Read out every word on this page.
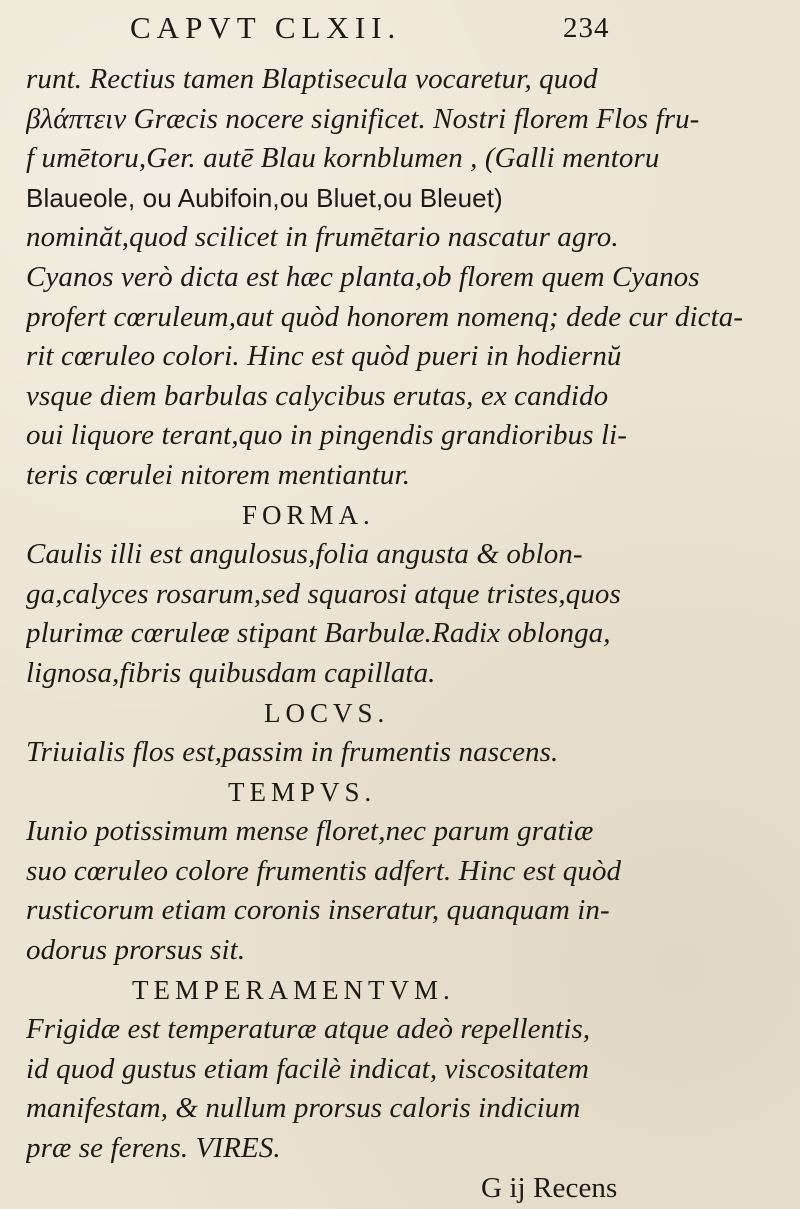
CAPVT CLXII.	234
runt. Rectius tamen Blaptisecula vocaretur, quod
βλάπτειν Græcis nocere significet. Nostri florem Flos fru-
f umētoru,Ger. autē Blau kornblumen , (Galli mentoru
Blaueole, ou Aubifoin,ou Bluet,ou Bleuet)
nominăt,quod scilicet in frumētario nascatur agro.
Cyanos verò dicta est hæc planta,ob florem quem Cyanos
profert cœruleum,aut quòd honorem nomenq; dede cur dicta-
rit cœruleo colori. Hinc est quòd pueri in hodiernŭ
vsque diem barbulas calycibus erutas, ex candido
oui liquore terant,quo in pingendis grandioribus li-
teris cœrulei nitorem mentiantur.
FORMA.
Caulis illi est angulosus,folia angusta & oblon-
ga,calyces rosarum,sed squarosi atque tristes,quos
plurimæ cœruleæ stipant Barbulæ.Radix oblonga,
lignosa,fibris quibusdam capillata.
LOCVS.
Triuialis flos est,passim in frumentis nascens.
TEMPVS.
Iunio potissimum mense floret,nec parum gratiæ
suo cœruleo colore frumentis adfert. Hinc est quòd
rusticorum etiam coronis inseratur, quanquam in-
odorus prorsus sit.
TEMPERAMENTVM.
Frigidæ est temperaturæ atque adeò repellentis,
id quod gustus etiam facilè indicat, viscositatem
manifestam, & nullum prorsus caloris indicium
præ se ferens. VIRES.
G ij Recens
